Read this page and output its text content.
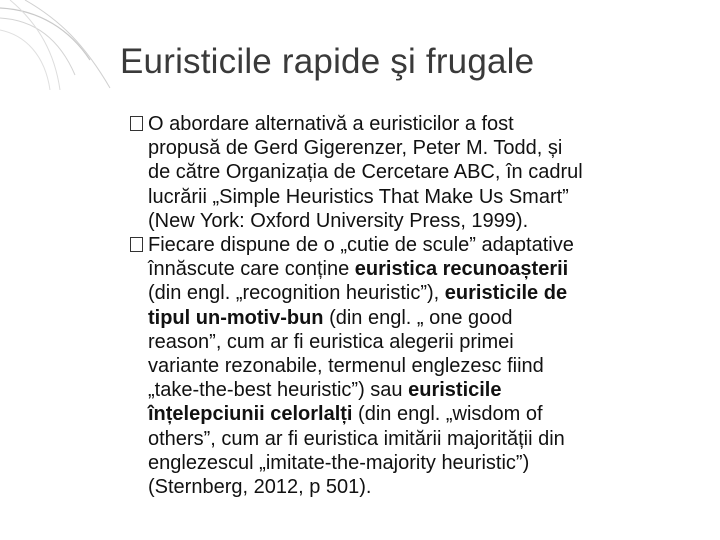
Euristicile rapide şi frugale
O abordare alternativă a euristicilor a fost
propusă de Gerd Gigerenzer, Peter M. Todd, și
de către Organizația de Cercetare ABC, în cadrul
lucrării „Simple Heuristics That Make Us Smart”
(New York: Oxford University Press, 1999).
Fiecare dispune de o „cutie de scule” adaptative
înnăscute care conține euristica recunoașterii
(din engl. „recognition heuristic”), euristicile de
tipul un-motiv-bun (din engl. „ one good
reason”, cum ar fi euristica alegerii primei
variante rezonabile, termenul englezesc fiind
„take-the-best heuristic”) sau euristicile
înțelepciunii celorlalți (din engl. „wisdom of
others”, cum ar fi euristica imitării majorității din
englezescul „imitate-the-majority heuristic”)
(Sternberg, 2012, p 501).
